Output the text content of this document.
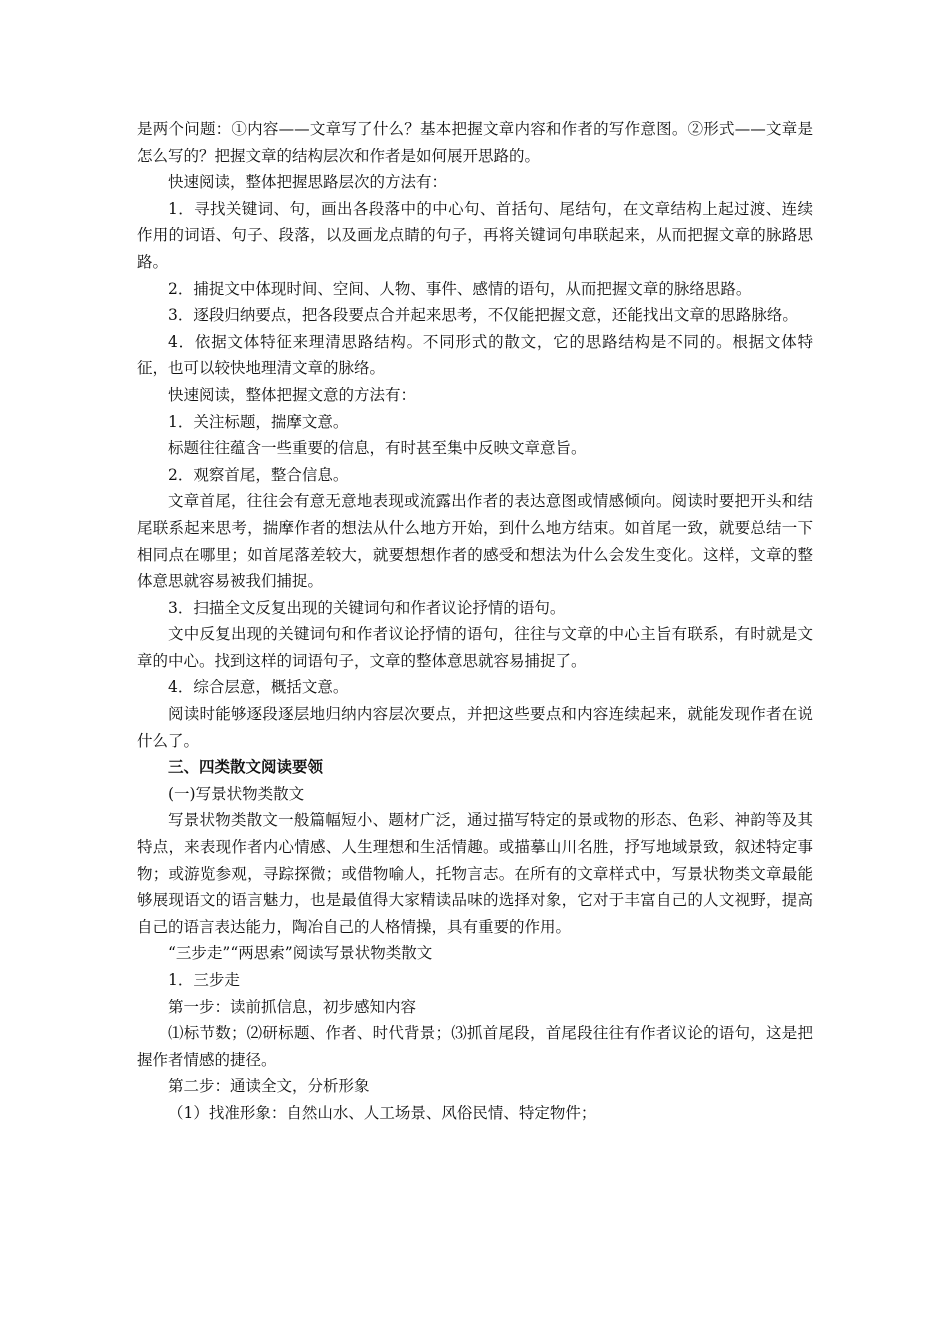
是两个问题：①内容——文章写了什么？基本把握文章内容和作者的写作意图。②形式——文章是怎么写的？把握文章的结构层次和作者是如何展开思路的。

快速阅读，整体把握思路层次的方法有：

1．寻找关键词、句，画出各段落中的中心句、首括句、尾结句，在文章结构上起过渡、连续作用的词语、句子、段落，以及画龙点睛的句子，再将关键词句串联起来，从而把握文章的脉路思路。

2．捕捉文中体现时间、空间、人物、事件、感情的语句，从而把握文章的脉络思路。

3．逐段归纳要点，把各段要点合并起来思考，不仅能把握文意，还能找出文章的思路脉络。

4．依据文体特征来理清思路结构。不同形式的散文，它的思路结构是不同的。根据文体特征，也可以较快地理清文章的脉络。

快速阅读，整体把握文意的方法有：

1．关注标题，揣摩文意。

标题往往蕴含一些重要的信息，有时甚至集中反映文章意旨。

2．观察首尾，整合信息。

文章首尾，往往会有意无意地表现或流露出作者的表达意图或情感倾向。阅读时要把开头和结尾联系起来思考，揣摩作者的想法从什么地方开始，到什么地方结束。如首尾一致，就要总结一下相同点在哪里；如首尾落差较大，就要想想作者的感受和想法为什么会发生变化。这样，文章的整体意思就容易被我们捕捉。

3．扫描全文反复出现的关键词句和作者议论抒情的语句。

文中反复出现的关键词句和作者议论抒情的语句，往往与文章的中心主旨有联系，有时就是文章的中心。找到这样的词语句子，文章的整体意思就容易捕捉了。

4．综合层意，概括文意。

阅读时能够逐段逐层地归纳内容层次要点，并把这些要点和内容连续起来，就能发现作者在说什么了。

三、四类散文阅读要领

(一)写景状物类散文

写景状物类散文一般篇幅短小、题材广泛，通过描写特定的景或物的形态、色彩、神韵等及其特点，来表现作者内心情感、人生理想和生活情趣。或描摹山川名胜，抒写地域景致，叙述特定事物；或游览参观，寻踪探微；或借物喻人，托物言志。在所有的文章样式中，写景状物类文章最能够展现语文的语言魅力，也是最值得大家精读品味的选择对象，它对于丰富自己的人文视野，提高自己的语言表达能力，陶冶自己的人格情操，具有重要的作用。

“三步走”“两思索”阅读写景状物类散文

1．三步走

第一步：读前抓信息，初步感知内容

⑴标节数；⑵研标题、作者、时代背景；⑶抓首尾段，首尾段往往有作者议论的语句，这是把握作者情感的捷径。

第二步：通读全文，分析形象

（1）找准形象：自然山水、人工场景、风俗民情、特定物件；
